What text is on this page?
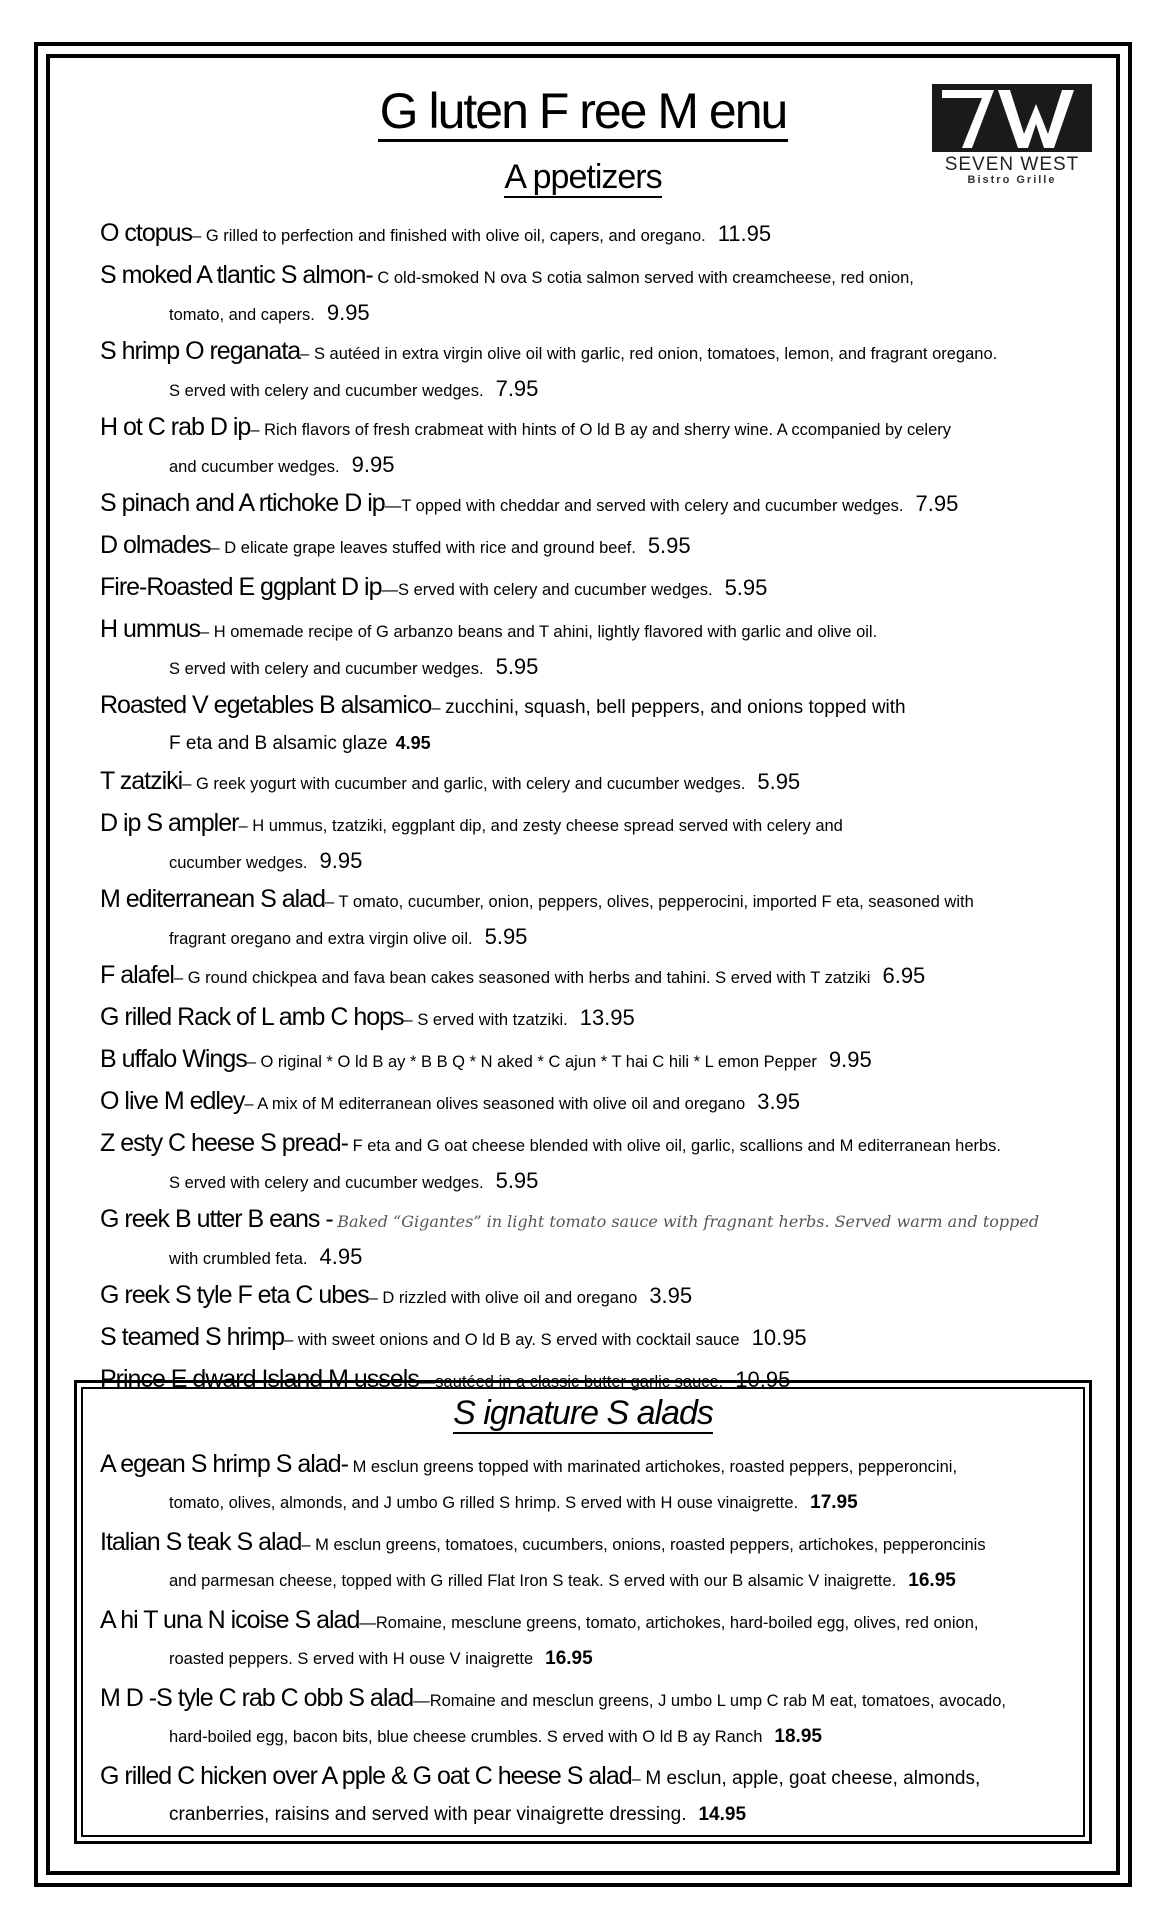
G luten F ree M enu
SEVEN WEST
Bistro Grille
A ppetizers
O ctopus– G rilled to perfection and finished with olive oil, capers, and oregano. 11.95
S moked A tlantic S almon- C old-smoked N ova S cotia salmon served with creamcheese, red onion,
tomato, and capers. 9.95
S hrimp O reganata– S autéed in extra virgin olive oil with garlic, red onion, tomatoes, lemon, and fragrant oregano.
S erved with celery and cucumber wedges. 7.95
H ot C rab D ip– Rich flavors of fresh crabmeat with hints of O ld B ay and sherry wine. A ccompanied by celery
and cucumber wedges. 9.95
S pinach and A rtichoke D ip—T opped with cheddar and served with celery and cucumber wedges. 7.95
D olmades– D elicate grape leaves stuffed with rice and ground beef. 5.95
Fire-Roasted E ggplant D ip—S erved with celery and cucumber wedges. 5.95
H ummus– H omemade recipe of G arbanzo beans and T ahini, lightly flavored with garlic and olive oil.
S erved with celery and cucumber wedges. 5.95
Roasted V egetables B alsamico– zucchini, squash, bell peppers, and onions topped with
F eta and B alsamic glaze 4.95
T zatziki– G reek yogurt with cucumber and garlic, with celery and cucumber wedges. 5.95
D ip S ampler– H ummus, tzatziki, eggplant dip, and zesty cheese spread served with celery and
cucumber wedges. 9.95
M editerranean S alad– T omato, cucumber, onion, peppers, olives, pepperocini, imported F eta, seasoned with
fragrant oregano and extra virgin olive oil. 5.95
F alafel– G round chickpea and fava bean cakes seasoned with herbs and tahini. S erved with T zatziki 6.95
G rilled Rack of L amb C hops– S erved with tzatziki. 13.95
B uffalo Wings– O riginal * O ld B ay * B B Q * N aked * C ajun * T hai C hili * L emon Pepper 9.95
O live M edley– A mix of M editerranean olives seasoned with olive oil and oregano 3.95
Z esty C heese S pread- F eta and G oat cheese blended with olive oil, garlic, scallions and M editerranean herbs.
S erved with celery and cucumber wedges. 5.95
G reek B utter B eans - Baked “Gigantes” in light tomato sauce with fragnant herbs. Served warm and topped
with crumbled feta. 4.95
G reek S tyle F eta C ubes– D rizzled with olive oil and oregano 3.95
S teamed S hrimp– with sweet onions and O ld B ay. S erved with cocktail sauce 10.95
Prince E dward Island M ussels—sautéed in a classic butter garlic sauce. 10.95
S ignature S alads
A egean S hrimp S alad- M esclun greens topped with marinated artichokes, roasted peppers, pepperoncini,
tomato, olives, almonds, and J umbo G rilled S hrimp. S erved with H ouse vinaigrette. 17.95
Italian S teak S alad– M esclun greens, tomatoes, cucumbers, onions, roasted peppers, artichokes, pepperoncinis
and parmesan cheese, topped with G rilled Flat Iron S teak. S erved with our B alsamic V inaigrette. 16.95
A hi T una N icoise S alad—Romaine, mesclune greens, tomato, artichokes, hard-boiled egg, olives, red onion,
roasted peppers. S erved with H ouse V inaigrette 16.95
M D -S tyle C rab C obb S alad—Romaine and mesclun greens, J umbo L ump C rab M eat, tomatoes, avocado,
hard-boiled egg, bacon bits, blue cheese crumbles. S erved with O ld B ay Ranch 18.95
G rilled C hicken over A pple & G oat C heese S alad– M esclun, apple, goat cheese, almonds,
cranberries, raisins and served with pear vinaigrette dressing. 14.95
